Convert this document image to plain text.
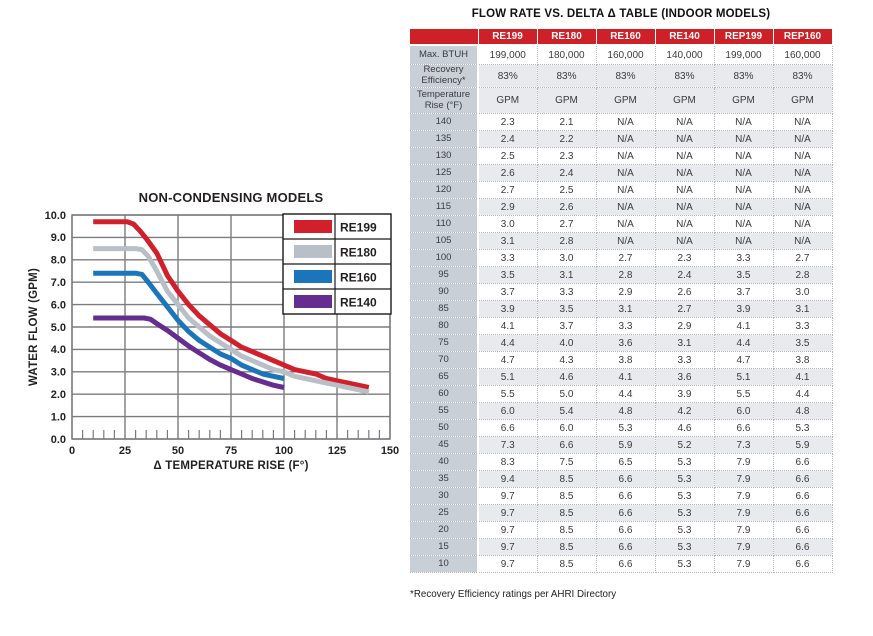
NON-CONDENSING MODELS
0.0
1.0
2.0
3.0
4.0
5.0
6.0
7.0
8.0
9.0
10.0
0	25	50	75	100	125	150
Δ TEMPERATURE RISE (F°)
WATER FLOW (GPM)
RE199
RE180
RE160
RE140
FLOW RATE VS. DELTA Δ TABLE (INDOOR MODELS)
	RE199	RE180	RE160	RE140	REP199	REP160
Max. BTUH	199,000	180,000	160,000	140,000	199,000	160,000
Recovery Efficiency*	83%	83%	83%	83%	83%	83%
Temperature Rise (°F)	GPM	GPM	GPM	GPM	GPM	GPM
140	2.3	2.1	N/A	N/A	N/A	N/A
135	2.4	2.2	N/A	N/A	N/A	N/A
130	2.5	2.3	N/A	N/A	N/A	N/A
125	2.6	2.4	N/A	N/A	N/A	N/A
120	2.7	2.5	N/A	N/A	N/A	N/A
115	2.9	2.6	N/A	N/A	N/A	N/A
110	3.0	2.7	N/A	N/A	N/A	N/A
105	3.1	2.8	N/A	N/A	N/A	N/A
100	3.3	3.0	2.7	2.3	3.3	2.7
95	3.5	3.1	2.8	2.4	3.5	2.8
90	3.7	3.3	2.9	2.6	3.7	3.0
85	3.9	3.5	3.1	2.7	3.9	3.1
80	4.1	3.7	3.3	2.9	4.1	3.3
75	4.4	4.0	3.6	3.1	4.4	3.5
70	4.7	4.3	3.8	3.3	4.7	3.8
65	5.1	4.6	4.1	3.6	5.1	4.1
60	5.5	5.0	4.4	3.9	5.5	4.4
55	6.0	5.4	4.8	4.2	6.0	4.8
50	6.6	6.0	5.3	4.6	6.6	5.3
45	7.3	6.6	5.9	5.2	7.3	5.9
40	8.3	7.5	6.5	5.3	7.9	6.6
35	9.4	8.5	6.6	5.3	7.9	6.6
30	9.7	8.5	6.6	5.3	7.9	6.6
25	9.7	8.5	6.6	5.3	7.9	6.6
20	9.7	8.5	6.6	5.3	7.9	6.6
15	9.7	8.5	6.6	5.3	7.9	6.6
10	9.7	8.5	6.6	5.3	7.9	6.6

*Recovery Efficiency ratings per AHRI Directory
